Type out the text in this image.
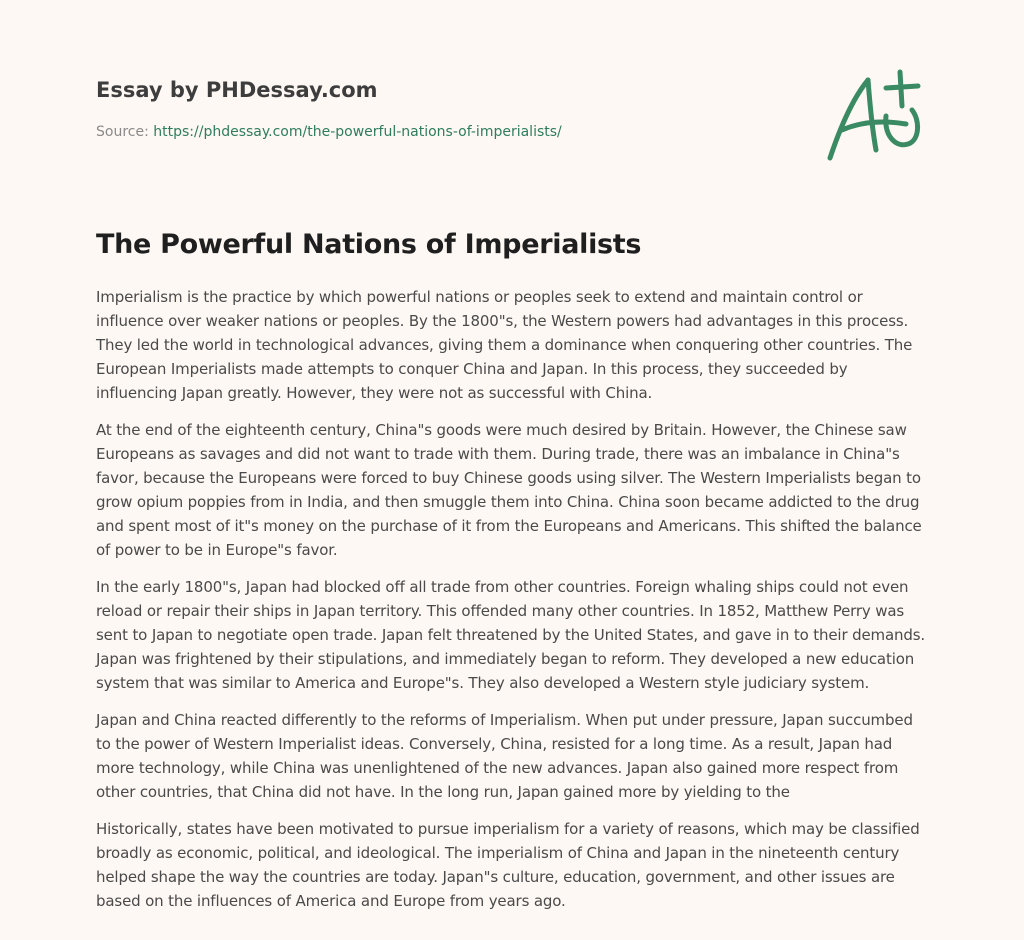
Essay by PHDessay.com
Source: https://phdessay.com/the-powerful-nations-of-imperialists/
The Powerful Nations of Imperialists

Imperialism is the practice by which powerful nations or peoples seek to extend and maintain control or influence over weaker nations or peoples. By the 1800"s, the Western powers had advantages in this process. They led the world in technological advances, giving them a dominance when conquering other countries. The European Imperialists made attempts to conquer China and Japan. In this process, they succeeded by influencing Japan greatly. However, they were not as successful with China.

At the end of the eighteenth century, China"s goods were much desired by Britain. However, the Chinese saw Europeans as savages and did not want to trade with them. During trade, there was an imbalance in China"s favor, because the Europeans were forced to buy Chinese goods using silver. The Western Imperialists began to grow opium poppies from in India, and then smuggle them into China. China soon became addicted to the drug and spent most of it"s money on the purchase of it from the Europeans and Americans. This shifted the balance of power to be in Europe"s favor.

In the early 1800"s, Japan had blocked off all trade from other countries. Foreign whaling ships could not even reload or repair their ships in Japan territory. This offended many other countries. In 1852, Matthew Perry was sent to Japan to negotiate open trade. Japan felt threatened by the United States, and gave in to their demands. Japan was frightened by their stipulations, and immediately began to reform. They developed a new education system that was similar to America and Europe"s. They also developed a Western style judiciary system.

Japan and China reacted differently to the reforms of Imperialism. When put under pressure, Japan succumbed to the power of Western Imperialist ideas. Conversely, China, resisted for a long time. As a result, Japan had more technology, while China was unenlightened of the new advances. Japan also gained more respect from other countries, that China did not have. In the long run, Japan gained more by yielding to the

Historically, states have been motivated to pursue imperialism for a variety of reasons, which may be classified broadly as economic, political, and ideological. The imperialism of China and Japan in the nineteenth century helped shape the way the countries are today. Japan"s culture, education, government, and other issues are based on the influences of America and Europe from years ago.
